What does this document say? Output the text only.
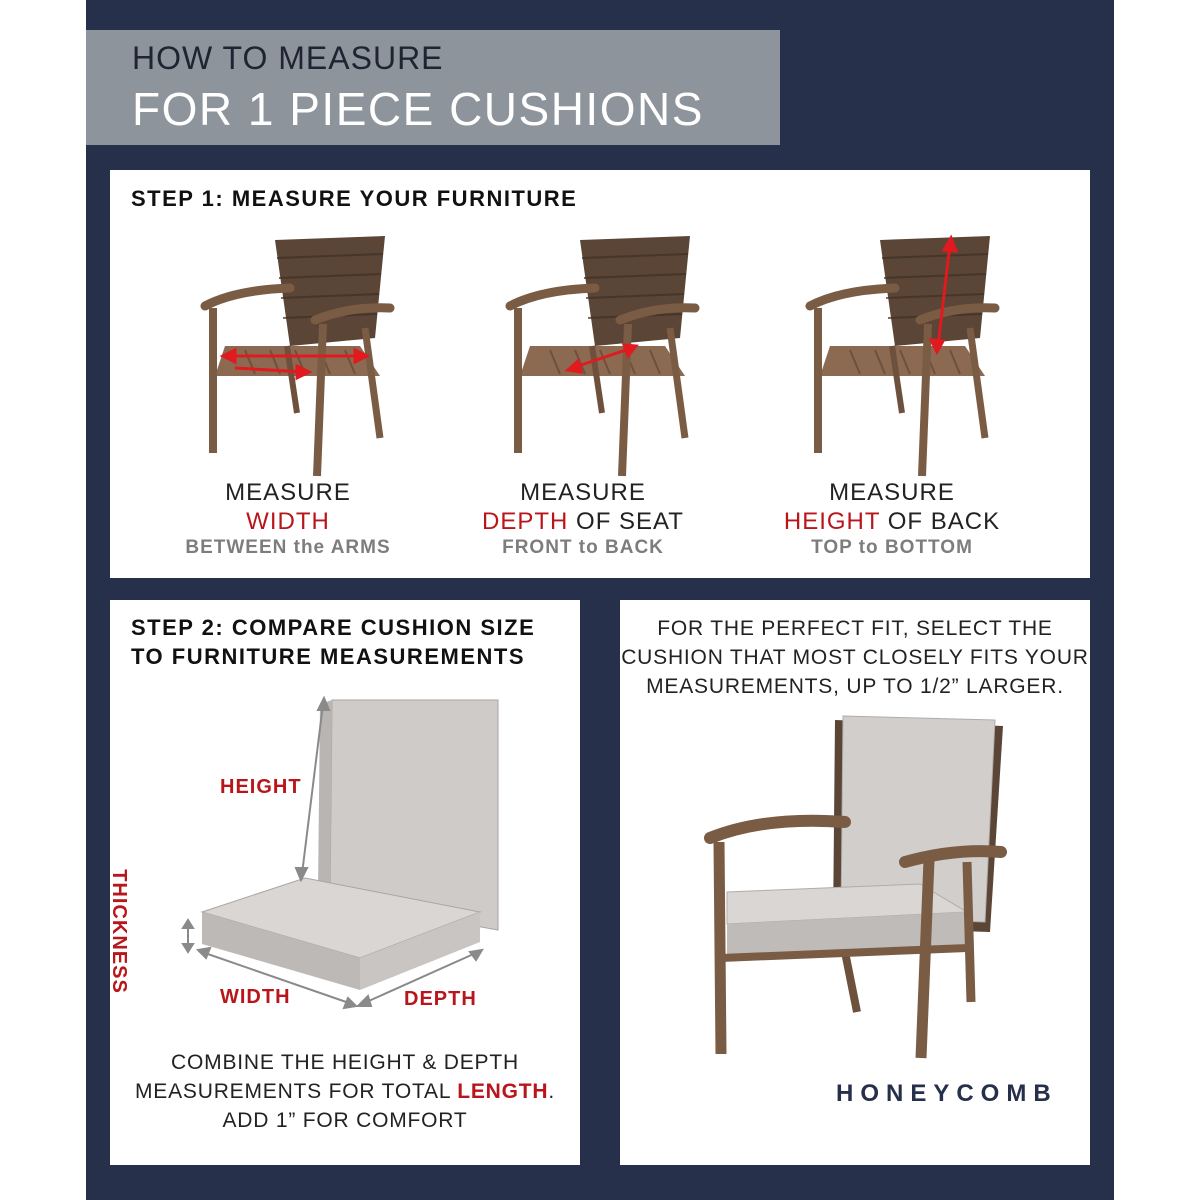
HOW TO MEASURE
FOR 1 PIECE CUSHIONS
STEP 1: MEASURE YOUR FURNITURE
MEASURE
WIDTH
BETWEEN the ARMS
MEASURE
DEPTH OF SEAT
FRONT to BACK
MEASURE
HEIGHT OF BACK
TOP to BOTTOM
STEP 2: COMPARE CUSHION SIZE
TO FURNITURE MEASUREMENTS
HEIGHT
THICKNESS
WIDTH	DEPTH
COMBINE THE HEIGHT & DEPTH
MEASUREMENTS FOR TOTAL LENGTH.
ADD 1” FOR COMFORT
FOR THE PERFECT FIT, SELECT THE
CUSHION THAT MOST CLOSELY FITS YOUR
MEASUREMENTS, UP TO 1/2” LARGER.
HONEYCOMB
